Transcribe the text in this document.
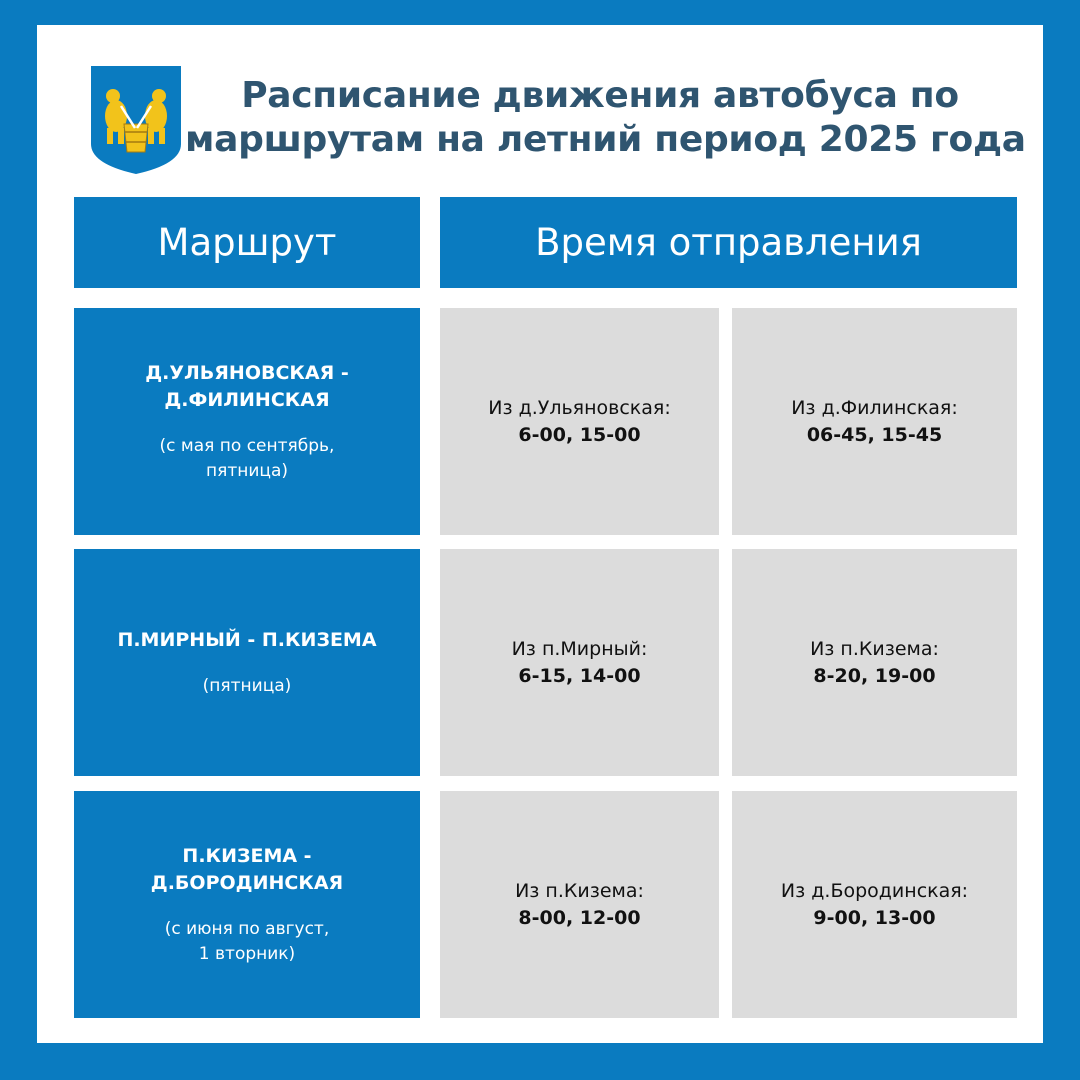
Расписание движения автобуса по
маршрутам на летний период 2025 года
Маршрут	Время отправления
Д.УЛЬЯНОВСКАЯ -
Д.ФИЛИНСКАЯ
(с мая по сентябрь,
пятница)
Из д.Ульяновская:
6-00, 15-00
Из д.Филинская:
06-45, 15-45
П.МИРНЫЙ - П.КИЗЕМА
(пятница)
Из п.Мирный:
6-15, 14-00
Из п.Кизема:
8-20, 19-00
П.КИЗЕМА -
Д.БОРОДИНСКАЯ
(с июня по август,
1 вторник)
Из п.Кизема:
8-00, 12-00
Из д.Бородинская:
9-00, 13-00
